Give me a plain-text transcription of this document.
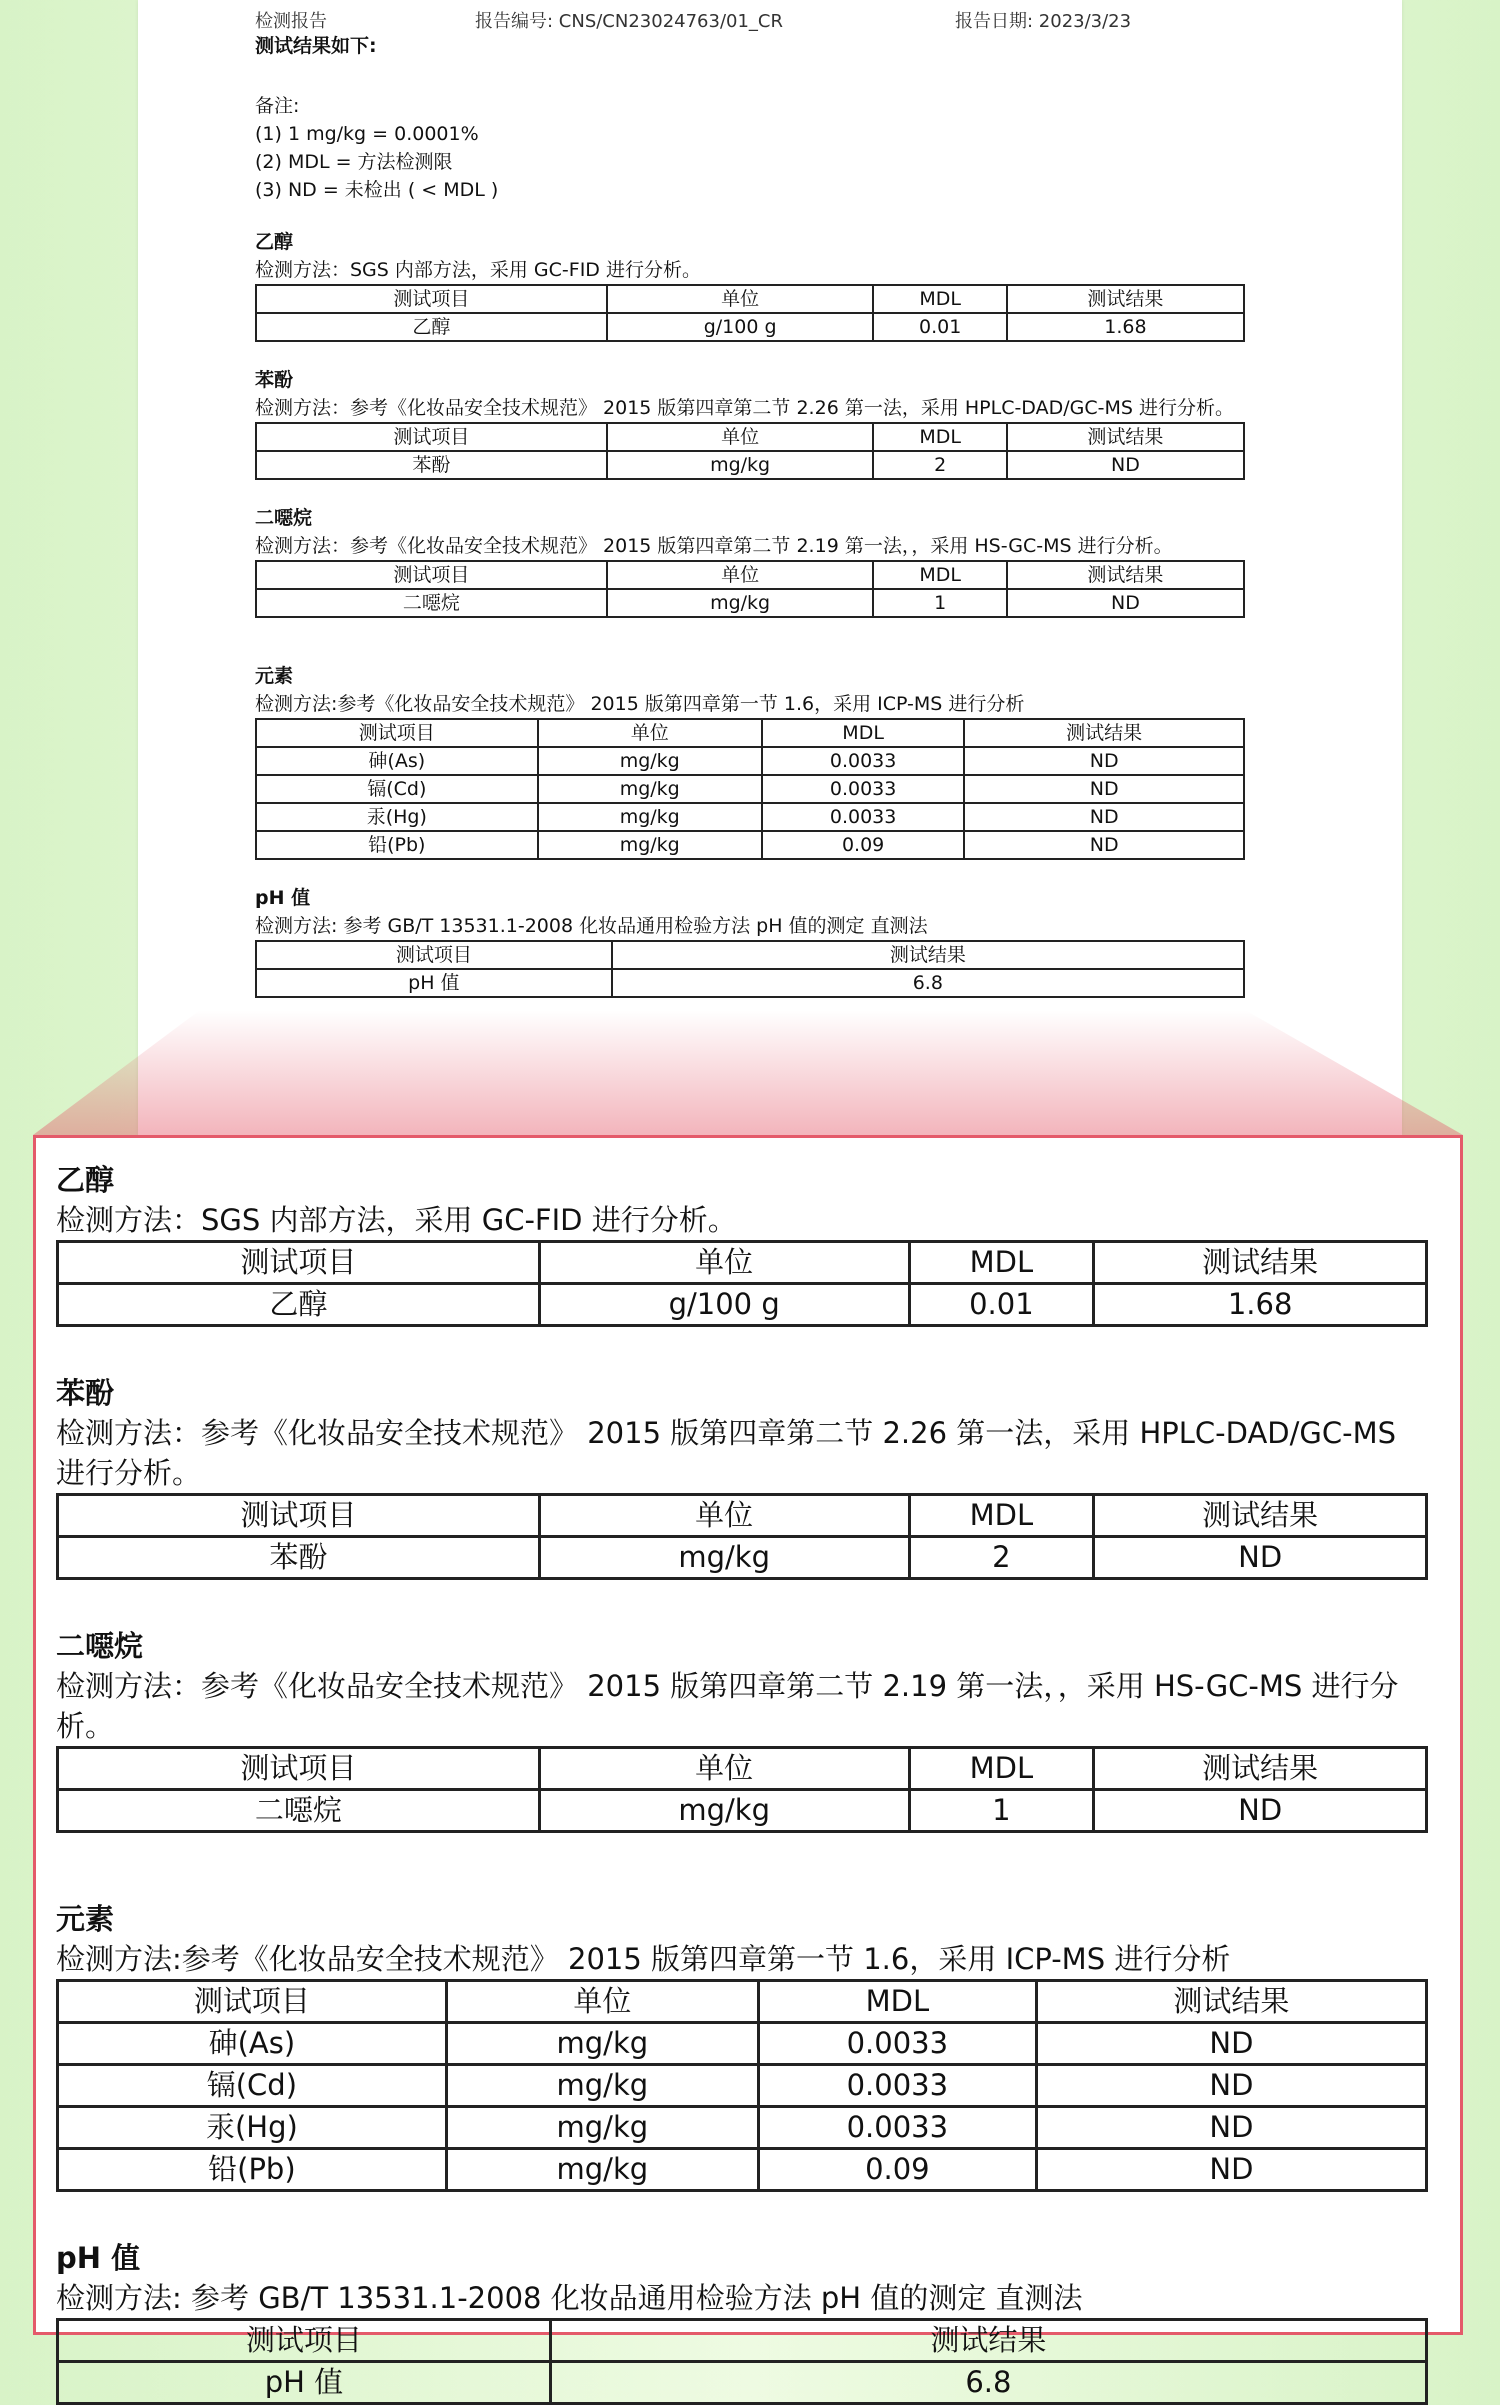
检测报告	报告编号: CNS/CN23024763/01_CR	报告日期: 2023/3/23
测试结果如下:

备注:

(1) 1 mg/kg = 0.0001%

(2) MDL = 方法检测限

(3) ND = 未检出 ( < MDL )

乙醇
检测方法：SGS 内部方法，采用 GC-FID 进行分析。
测试项目	单位	MDL	测试结果
乙醇	g/100 g	0.01	1.68
苯酚
检测方法：参考《化妆品安全技术规范》 2015 版第四章第二节 2.26 第一法，采用 HPLC-DAD/GC-MS 进行分析。
测试项目	单位	MDL	测试结果
苯酚	mg/kg	2	ND
二噁烷
检测方法：参考《化妆品安全技术规范》 2015 版第四章第二节 2.19 第一法，，采用 HS-GC-MS 进行分析。
测试项目	单位	MDL	测试结果
二噁烷	mg/kg	1	ND
元素
检测方法:参考《化妆品安全技术规范》 2015 版第四章第一节 1.6，采用 ICP-MS 进行分析
测试项目	单位	MDL	测试结果
砷(As)	mg/kg	0.0033	ND
镉(Cd)	mg/kg	0.0033	ND
汞(Hg)	mg/kg	0.0033	ND
铅(Pb)	mg/kg	0.09	ND
pH 值
检测方法: 参考 GB/T 13531.1-2008 化妆品通用检验方法 pH 值的测定 直测法
测试项目	测试结果
pH 值	6.8
乙醇
检测方法：SGS 内部方法，采用 GC-FID 进行分析。
测试项目	单位	MDL	测试结果
乙醇	g/100 g	0.01	1.68
苯酚
检测方法：参考《化妆品安全技术规范》 2015 版第四章第二节 2.26 第一法，采用 HPLC-DAD/GC-MS 进行分析。
测试项目	单位	MDL	测试结果
苯酚	mg/kg	2	ND
二噁烷
检测方法：参考《化妆品安全技术规范》 2015 版第四章第二节 2.19 第一法，，采用 HS-GC-MS 进行分析。
测试项目	单位	MDL	测试结果
二噁烷	mg/kg	1	ND
元素
检测方法:参考《化妆品安全技术规范》 2015 版第四章第一节 1.6，采用 ICP-MS 进行分析
测试项目	单位	MDL	测试结果
砷(As)	mg/kg	0.0033	ND
镉(Cd)	mg/kg	0.0033	ND
汞(Hg)	mg/kg	0.0033	ND
铅(Pb)	mg/kg	0.09	ND
pH 值
检测方法: 参考 GB/T 13531.1-2008 化妆品通用检验方法 pH 值的测定 直测法
测试项目	测试结果
pH 值	6.8
